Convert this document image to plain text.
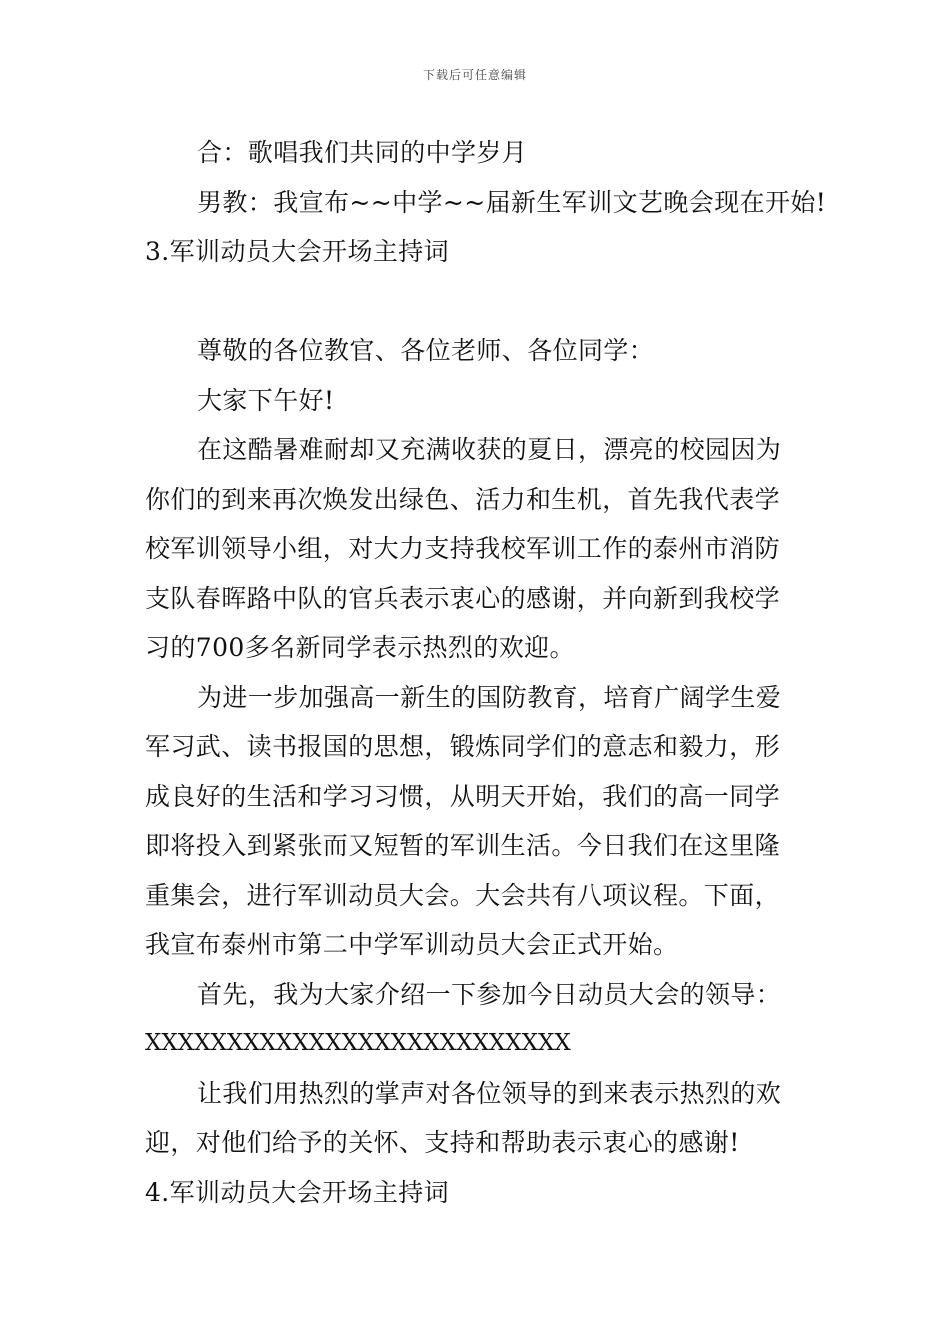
下载后可任意编辑
合：歌唱我们共同的中学岁月
男教：我宣布~~中学~~届新生军训文艺晚会现在开始!
3.军训动员大会开场主持词
尊敬的各位教官、各位老师、各位同学：
大家下午好!
在这酷暑难耐却又充满收获的夏日，漂亮的校园因为
你们的到来再次焕发出绿色、活力和生机，首先我代表学
校军训领导小组，对大力支持我校军训工作的泰州市消防
支队春晖路中队的官兵表示衷心的感谢，并向新到我校学
习的700多名新同学表示热烈的欢迎。
为进一步加强高一新生的国防教育，培育广阔学生爱
军习武、读书报国的思想，锻炼同学们的意志和毅力，形
成良好的生活和学习习惯，从明天开始，我们的高一同学
即将投入到紧张而又短暂的军训生活。今日我们在这里隆
重集会，进行军训动员大会。大会共有八项议程。下面，
我宣布泰州市第二中学军训动员大会正式开始。
首先，我为大家介绍一下参加今日动员大会的领导：
XXXXXXXXXXXXXXXXXXXXXXXXXX
让我们用热烈的掌声对各位领导的到来表示热烈的欢
迎，对他们给予的关怀、支持和帮助表示衷心的感谢!
4.军训动员大会开场主持词
